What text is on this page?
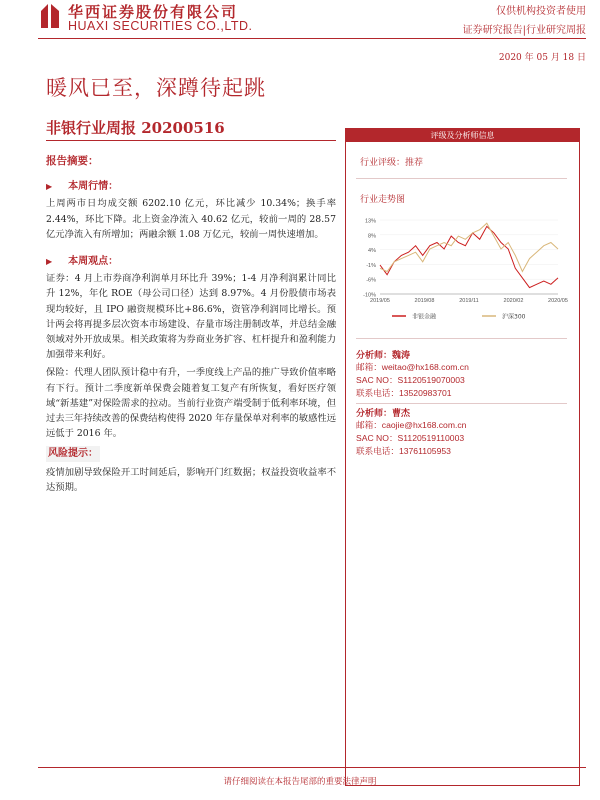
华西证券股份有限公司
HUAXI SECURITIES CO.,LTD.
仅供机构投资者使用
证券研究报告|行业研究周报
2020 年 05 月 18 日
暖风已至，深蹲待起跳
非银行业周报 20200516

报告摘要：

▶ 本周行情：

上周两市日均成交额 6202.10 亿元，环比减少 10.34%；换手率 2.44%，环比下降。北上资金净流入 40.62 亿元，较前一周的 28.57 亿元净流入有所增加；两融余额 1.08 万亿元，较前一周快速增加。

▶ 本周观点：

证券：4 月上市券商净利润单月环比升 39%；1-4 月净利润累计同比升 12%，年化 ROE（母公司口径）达到 8.97%。4 月份股债市场表现均较好，且 IPO 融资规模环比+86.6%，资管净利润同比增长。预计两会将再提多层次资本市场建设、存量市场注册制改革，并总结金融领域对外开放成果。相关政策将为券商业务扩容、杠杆提升和盈利能力加强带来利好。

保险：代理人团队预计稳中有升，一季度线上产品的推广导致价值率略有下行。预计二季度新单保费会随着复工复产有所恢复，看好医疗领域“新基建”对保险需求的拉动。当前行业资产端受制于低利率环境，但过去三年持续改善的保费结构使得 2020 年存量保单对利率的敏感性远远低于 2016 年。

风险提示：

疫情加剧导致保险开工时间延后，影响开门红数据；权益投资收益率不达预期。

评级及分析师信息
行业评级：推荐
行业走势图
13%
8%
4%
-1%
-6%
-10%
2019/05	2019/08	2019/11	2020/02	2020/05
非银金融	沪深300
分析师：魏涛
邮箱：weitao@hx168.com.cn
SAC NO：S1120519070003
联系电话：13520983701
分析师：曹杰
邮箱：caojie@hx168.com.cn
SAC NO：S1120519110003
联系电话：13761105953
请仔细阅读在本报告尾部的重要法律声明
